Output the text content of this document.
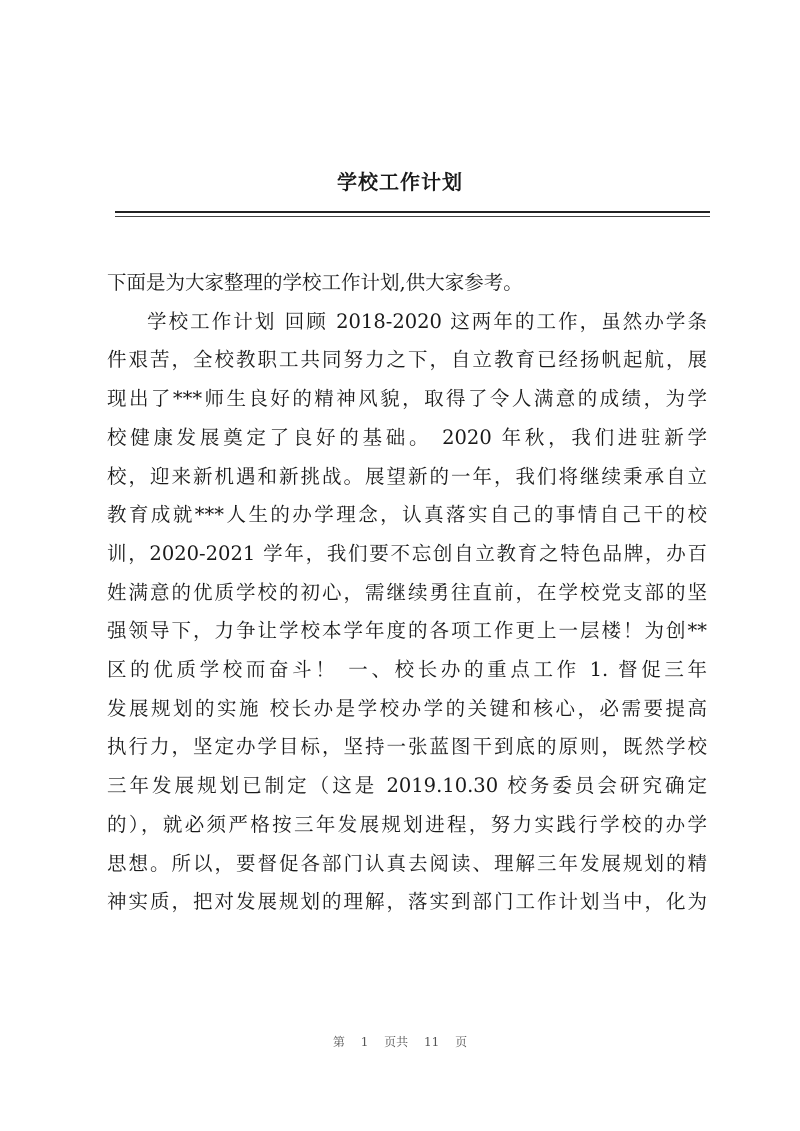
学校工作计划
下面是为大家整理的学校工作计划,供大家参考。
学校工作计划 回顾 2018-2020 这两年的工作，虽然办学条
件艰苦，全校教职工共同努力之下，自立教育已经扬帆起航，展
现出了***师生良好的精神风貌，取得了令人满意的成绩，为学
校健康发展奠定了良好的基础。 2020 年秋，我们进驻新学
校，迎来新机遇和新挑战。展望新的一年，我们将继续秉承自立
教育成就***人生的办学理念，认真落实自己的事情自己干的校
训，2020-2021 学年，我们要不忘创自立教育之特色品牌，办百
姓满意的优质学校的初心，需继续勇往直前，在学校党支部的坚
强领导下，力争让学校本学年度的各项工作更上一层楼！为创**
区的优质学校而奋斗！ 一、校长办的重点工作 1. 督促三年
发展规划的实施 校长办是学校办学的关键和核心，必需要提高
执行力，坚定办学目标，坚持一张蓝图干到底的原则，既然学校
三年发展规划已制定（这是 2019.10.30 校务委员会研究确定
的），就必须严格按三年发展规划进程，努力实践行学校的办学
思想。所以，要督促各部门认真去阅读、理解三年发展规划的精
神实质，把对发展规划的理解，落实到部门工作计划当中，化为
第 1 页共 11 页
